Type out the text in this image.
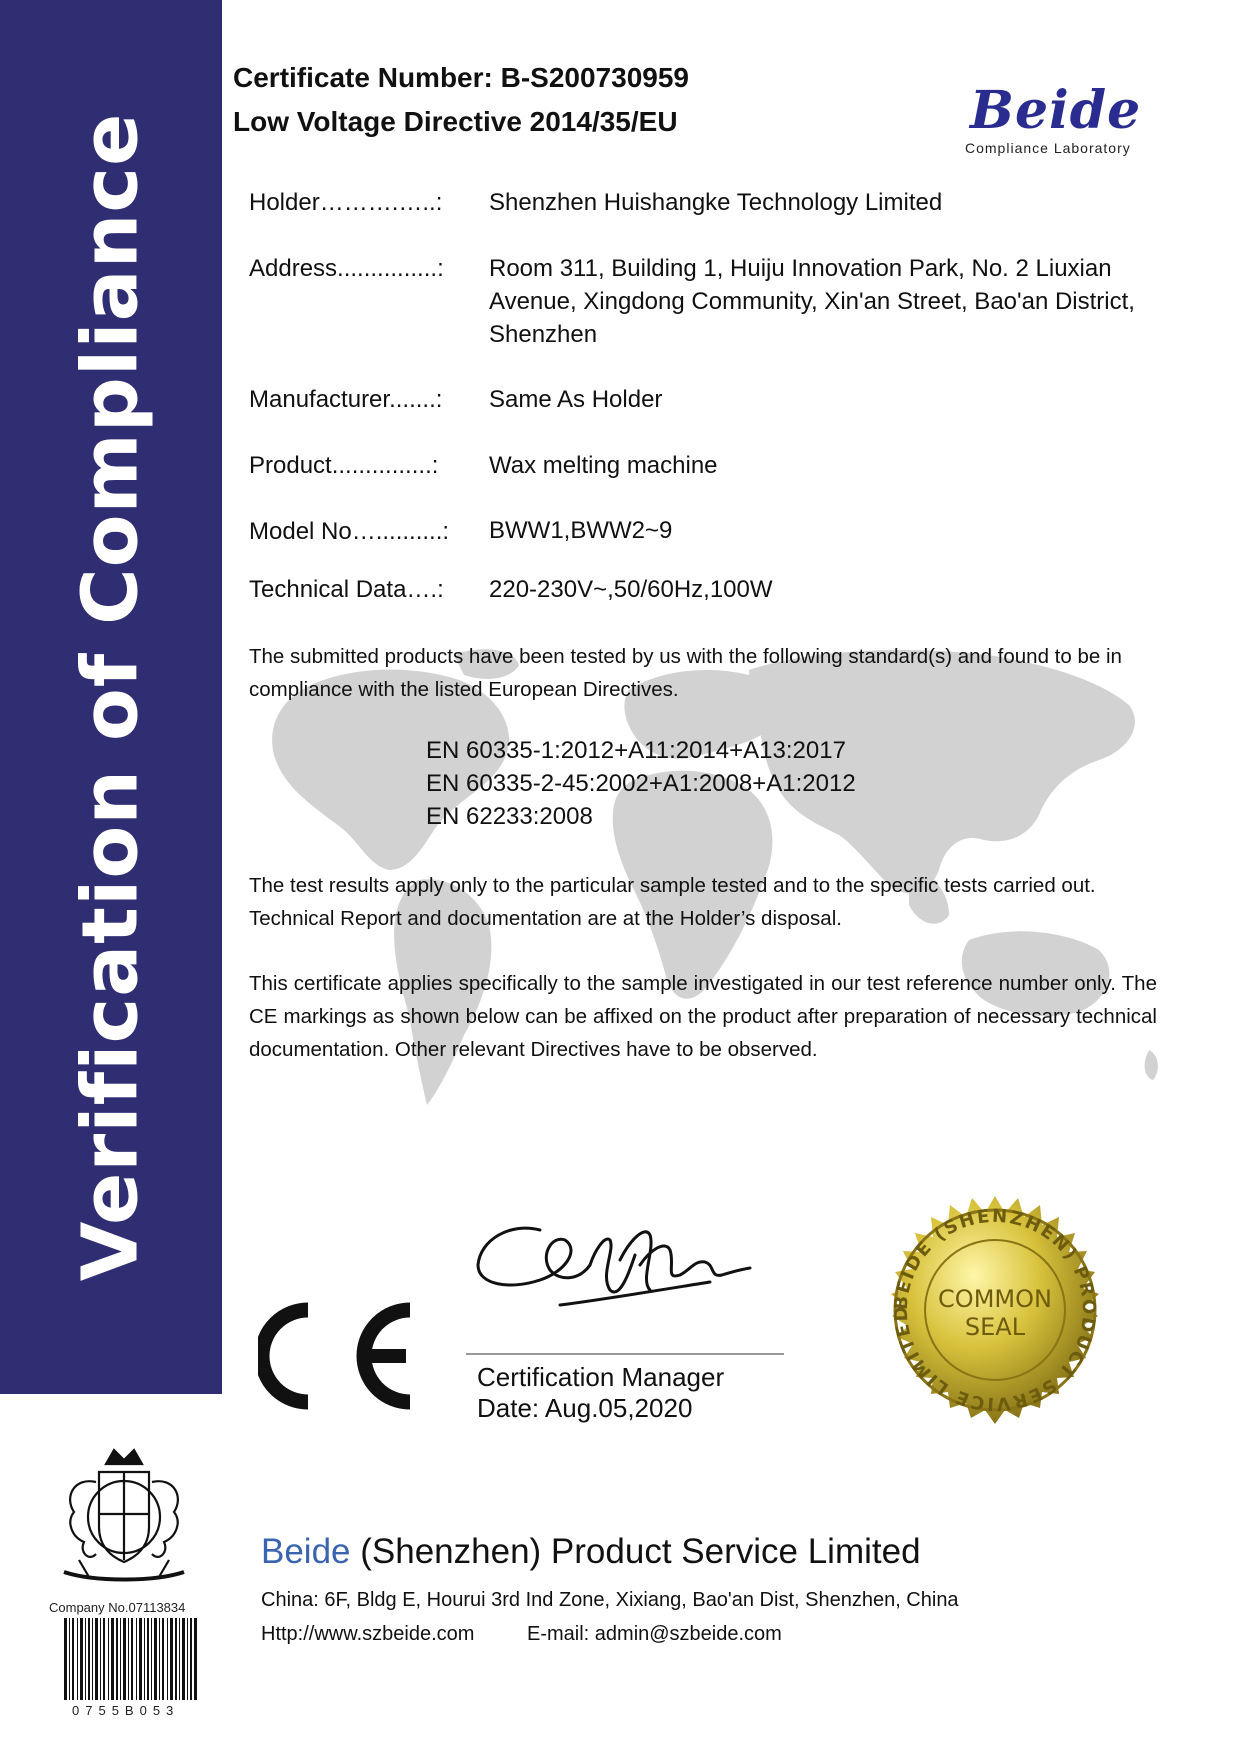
Verification of Compliance
Certificate Number: B-S200730959
Low Voltage Directive 2014/35/EU	Beide
Compliance Laboratory
Holder……….…..: Shenzhen Huishangke Technology Limited
Address...............: Room 311, Building 1, Huiju Innovation Park, No. 2 Liuxian Avenue, Xingdong Community, Xin'an Street, Bao'an District, Shenzhen
Manufacturer.......: Same As Holder
Product...............: Wax melting machine
Model No…..........: BWW1,BWW2~9
Technical Data….: 220-230V~,50/60Hz,100W
The submitted products have been tested by us with the following standard(s) and found to be in compliance with the listed European Directives.
EN 60335-1:2012+A11:2014+A13:2017
EN 60335-2-45:2002+A1:2008+A1:2012
EN 62233:2008
The test results apply only to the particular sample tested and to the specific tests carried out. Technical Report and documentation are at the Holder’s disposal.
This certificate applies specifically to the sample investigated in our test reference number only. The CE markings as shown below can be affixed on the product after preparation of necessary technical documentation. Other relevant Directives have to be observed.
Certification Manager
Date: Aug.05,2020
BEIDE (SHENZHEN) PRODUCT SERVICE LIMITED	COMMON
SEAL
Company No.07113834
0755B053
Beide (Shenzhen) Product Service Limited
China: 6F, Bldg E, Hourui 3rd Ind Zone, Xixiang, Bao'an Dist, Shenzhen, China
Http://www.szbeide.com	E-mail: admin@szbeide.com
